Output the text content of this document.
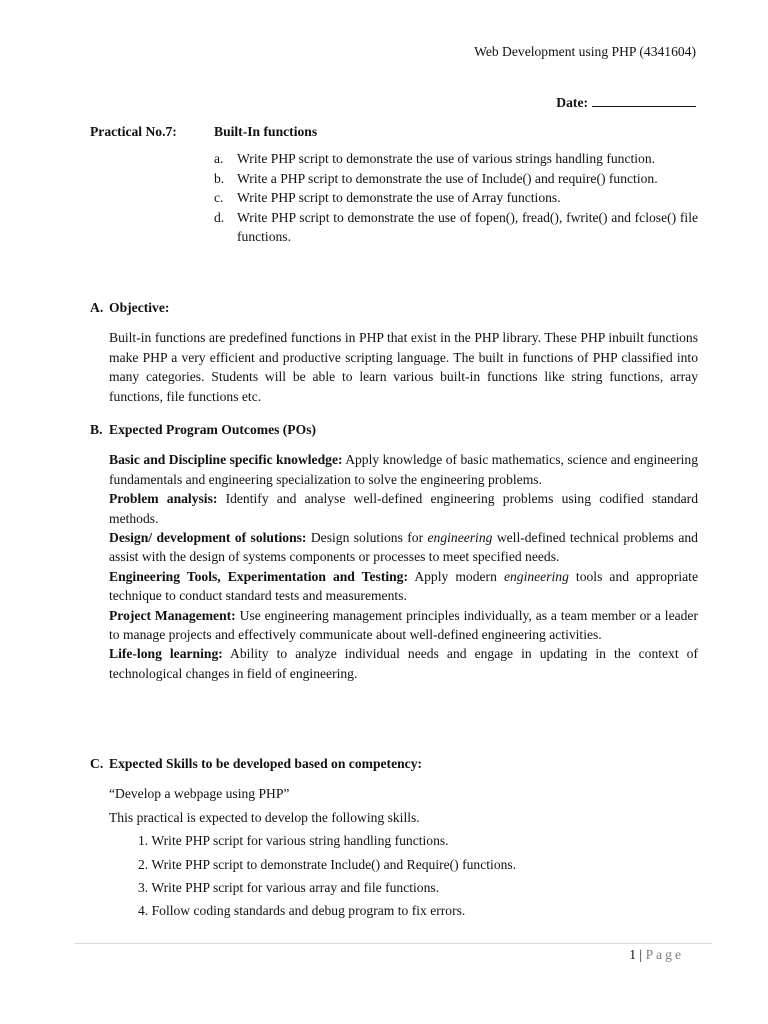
Web Development using PHP (4341604)
Date:
Practical No.7:	Built-In functions
a. Write PHP script to demonstrate the use of various strings handling function.
b. Write a PHP script to demonstrate the use of Include() and require() function.
c. Write PHP script to demonstrate the use of Array functions.
d. Write PHP script to demonstrate the use of fopen(), fread(), fwrite() and fclose() file functions.
A. Objective:

Built-in functions are predefined functions in PHP that exist in the PHP library. These PHP inbuilt functions make PHP a very efficient and productive scripting language. The built in functions of PHP classified into many categories. Students will be able to learn various built-in functions like string functions, array functions, file functions etc.

B. Expected Program Outcomes (POs)

Basic and Discipline specific knowledge: Apply knowledge of basic mathematics, science and engineering fundamentals and engineering specialization to solve the engineering problems.

Problem analysis: Identify and analyse well-defined engineering problems using codified standard methods.

Design/ development of solutions: Design solutions for engineering well-defined technical problems and assist with the design of systems components or processes to meet specified needs.

Engineering Tools, Experimentation and Testing: Apply modern engineering tools and appropriate technique to conduct standard tests and measurements.

Project Management: Use engineering management principles individually, as a team member or a leader to manage projects and effectively communicate about well-defined engineering activities.

Life-long learning: Ability to analyze individual needs and engage in updating in the context of technological changes in field of engineering.

C. Expected Skills to be developed based on competency:

“Develop a webpage using PHP”

This practical is expected to develop the following skills.

1. Write PHP script for various string handling functions.
2. Write PHP script to demonstrate Include() and Require() functions.
3. Write PHP script for various array and file functions.
4. Follow coding standards and debug program to fix errors.
1 | Page
